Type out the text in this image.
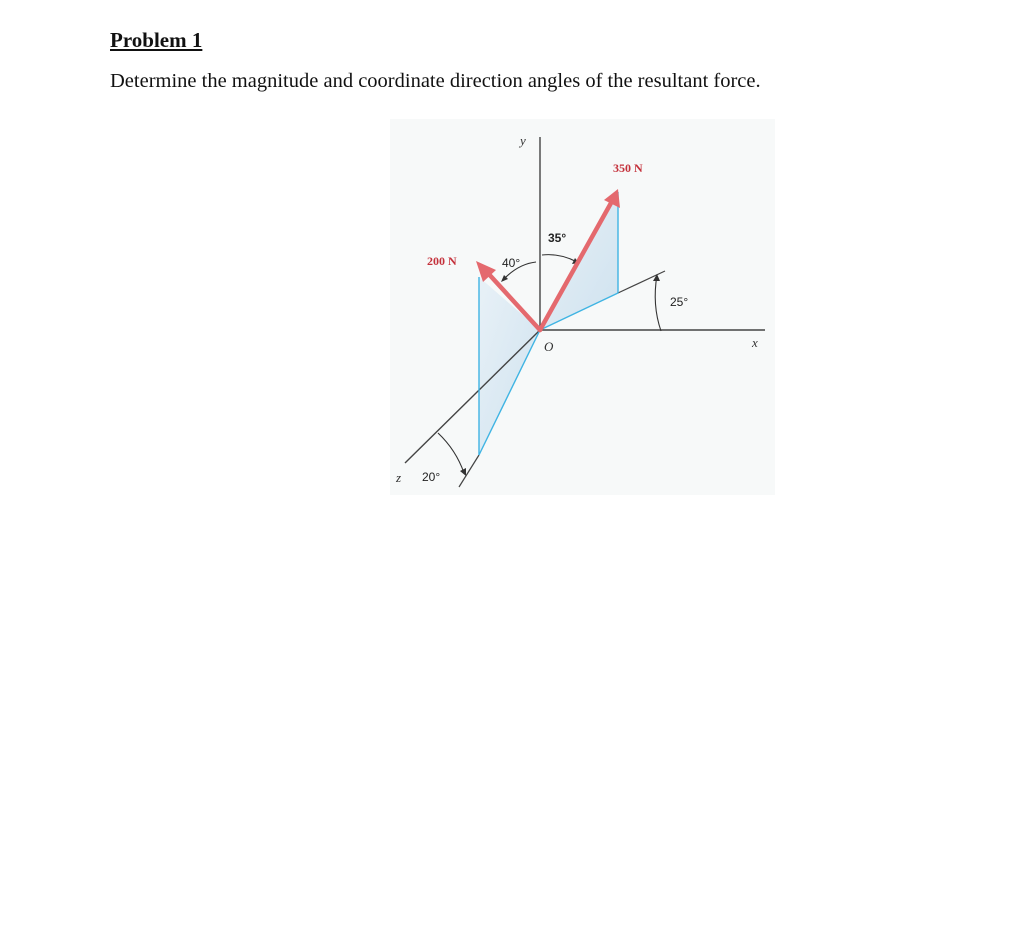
Problem 1
Determine the magnitude and coordinate direction angles of the resultant force.
200 N
350 N
40°
35°
25°
20°
y
x
z
O
